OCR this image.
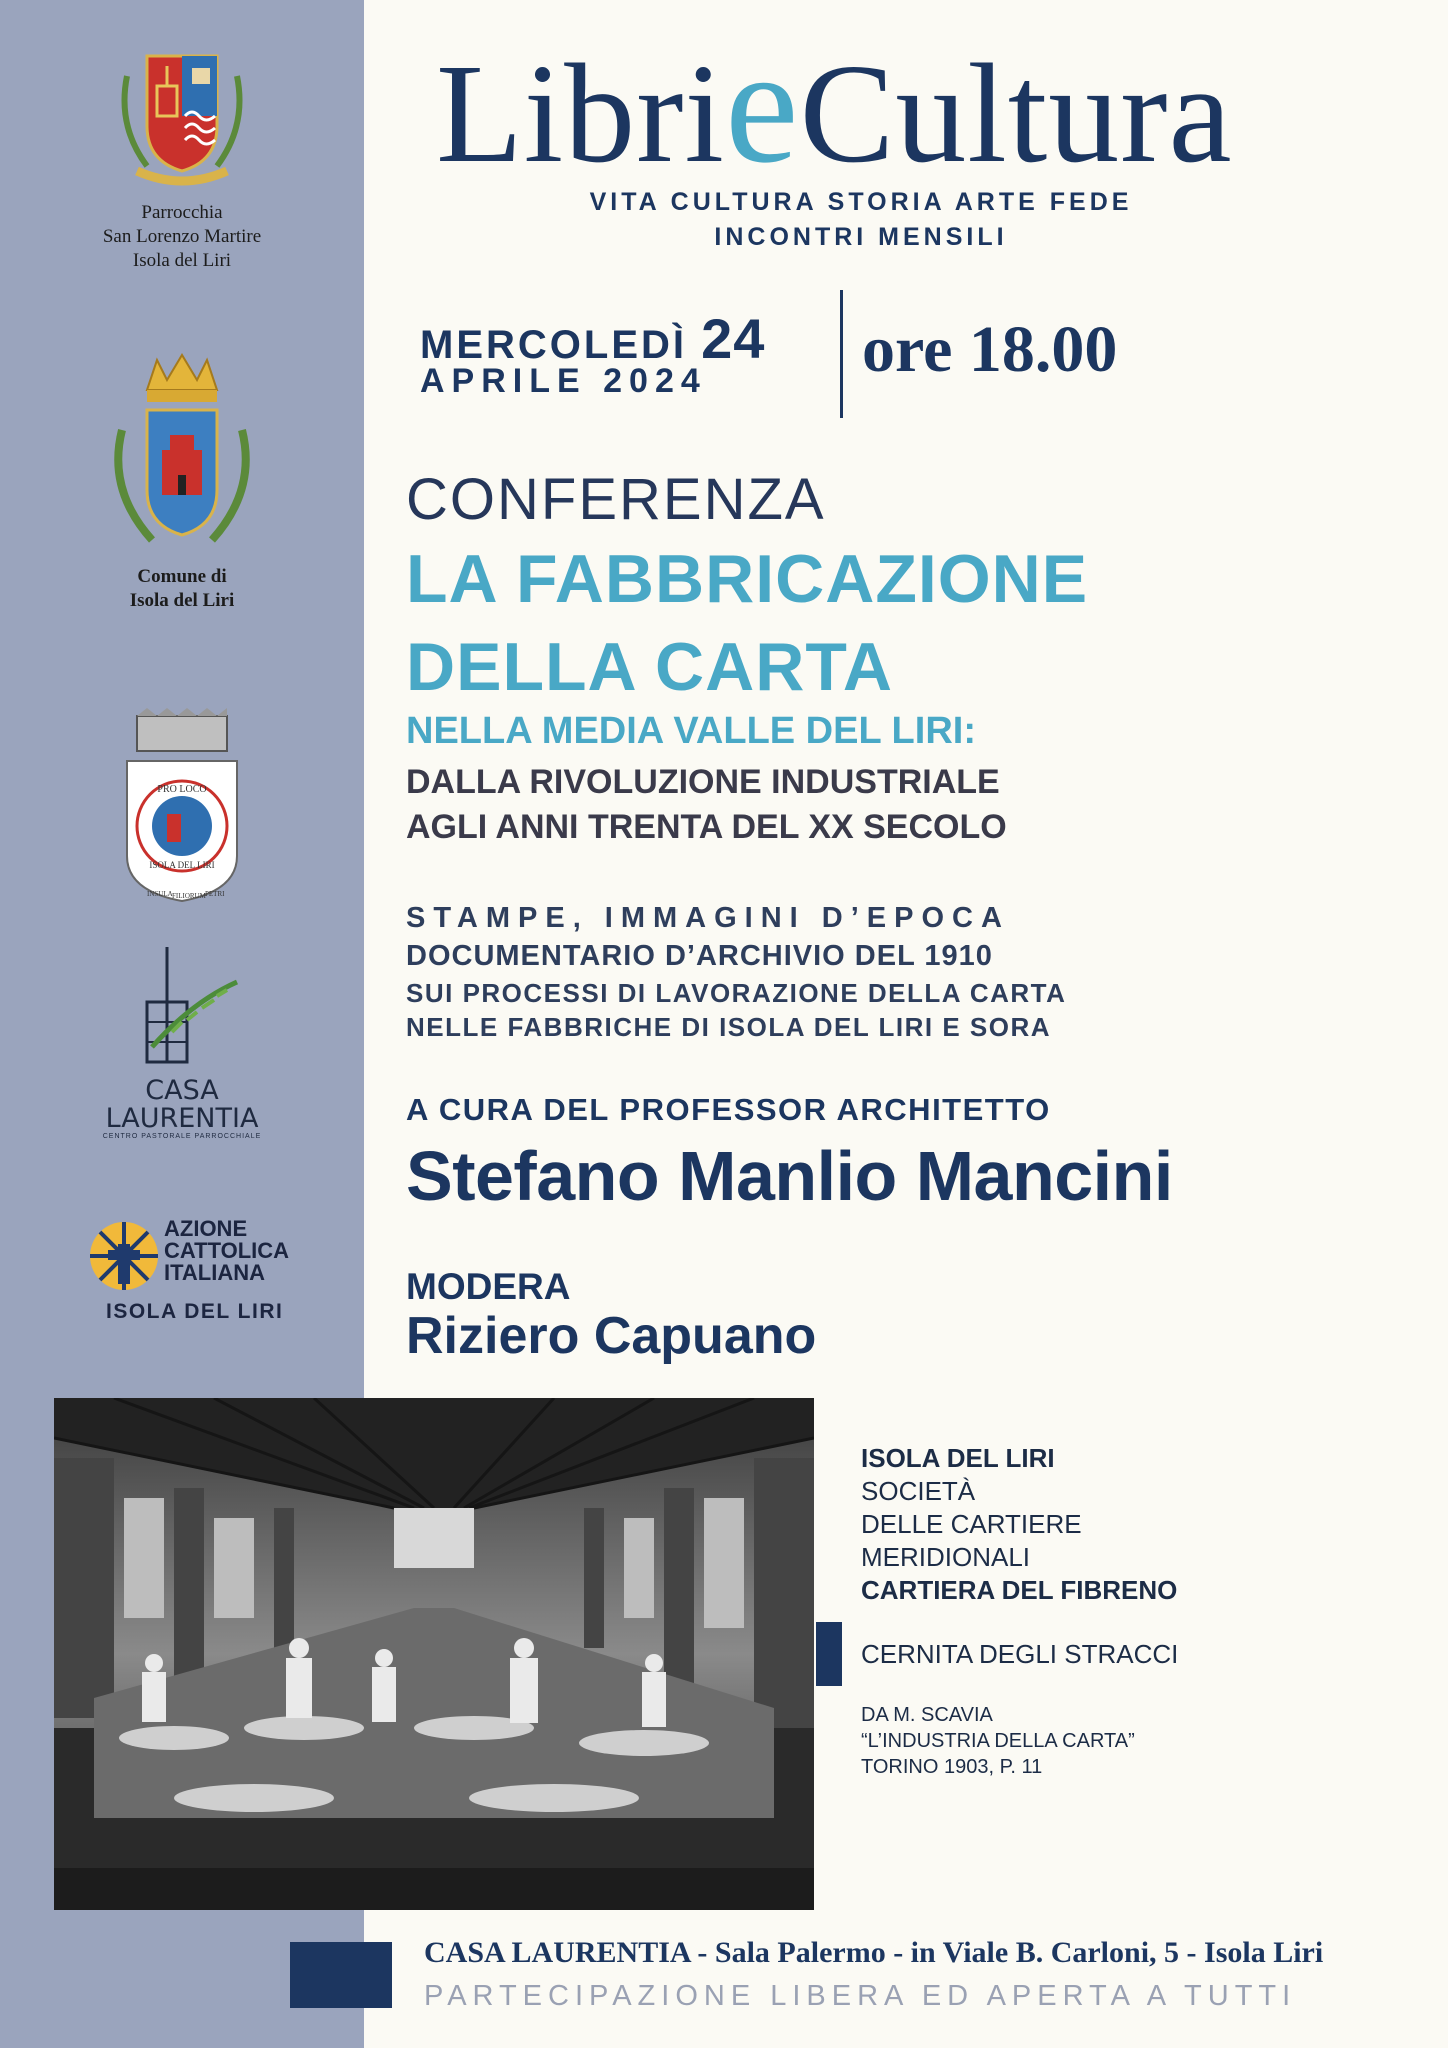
Parrocchia
San Lorenzo Martire
Isola del Liri
Comune di
Isola del Liri
PRO LOCO
ISOLA DEL LIRI
INSULA FILIORUM PETRI
CASA
LAURENTIA
CENTRO PASTORALE PARROCCHIALE
AZIONE
CATTOLICA
ITALIANA
ISOLA DEL LIRI
LibrieCultura
VITA CULTURA STORIA ARTE FEDE
INCONTRI MENSILI
MERCOLEDÌ 24
APRILE 2024 ore 18.00
CONFERENZA
LA FABBRICAZIONE
DELLA CARTA
NELLA MEDIA VALLE DEL LIRI:
DALLA RIVOLUZIONE INDUSTRIALE
AGLI ANNI TRENTA DEL XX SECOLO
STAMPE, IMMAGINI D’EPOCA
DOCUMENTARIO D’ARCHIVIO DEL 1910
SUI PROCESSI DI LAVORAZIONE DELLA CARTA
NELLE FABBRICHE DI ISOLA DEL LIRI E SORA
A CURA DEL PROFESSOR ARCHITETTO
Stefano Manlio Mancini
MODERA
Riziero Capuano
ISOLA DEL LIRI
SOCIETÀ
DELLE CARTIERE
MERIDIONALI
CARTIERA DEL FIBRENO
CERNITA DEGLI STRACCI
DA M. SCAVIA
“L’INDUSTRIA DELLA CARTA”
TORINO 1903, P. 11
CASA LAURENTIA - Sala Palermo - in Viale B. Carloni, 5 - Isola Liri
PARTECIPAZIONE LIBERA ED APERTA A TUTTI
